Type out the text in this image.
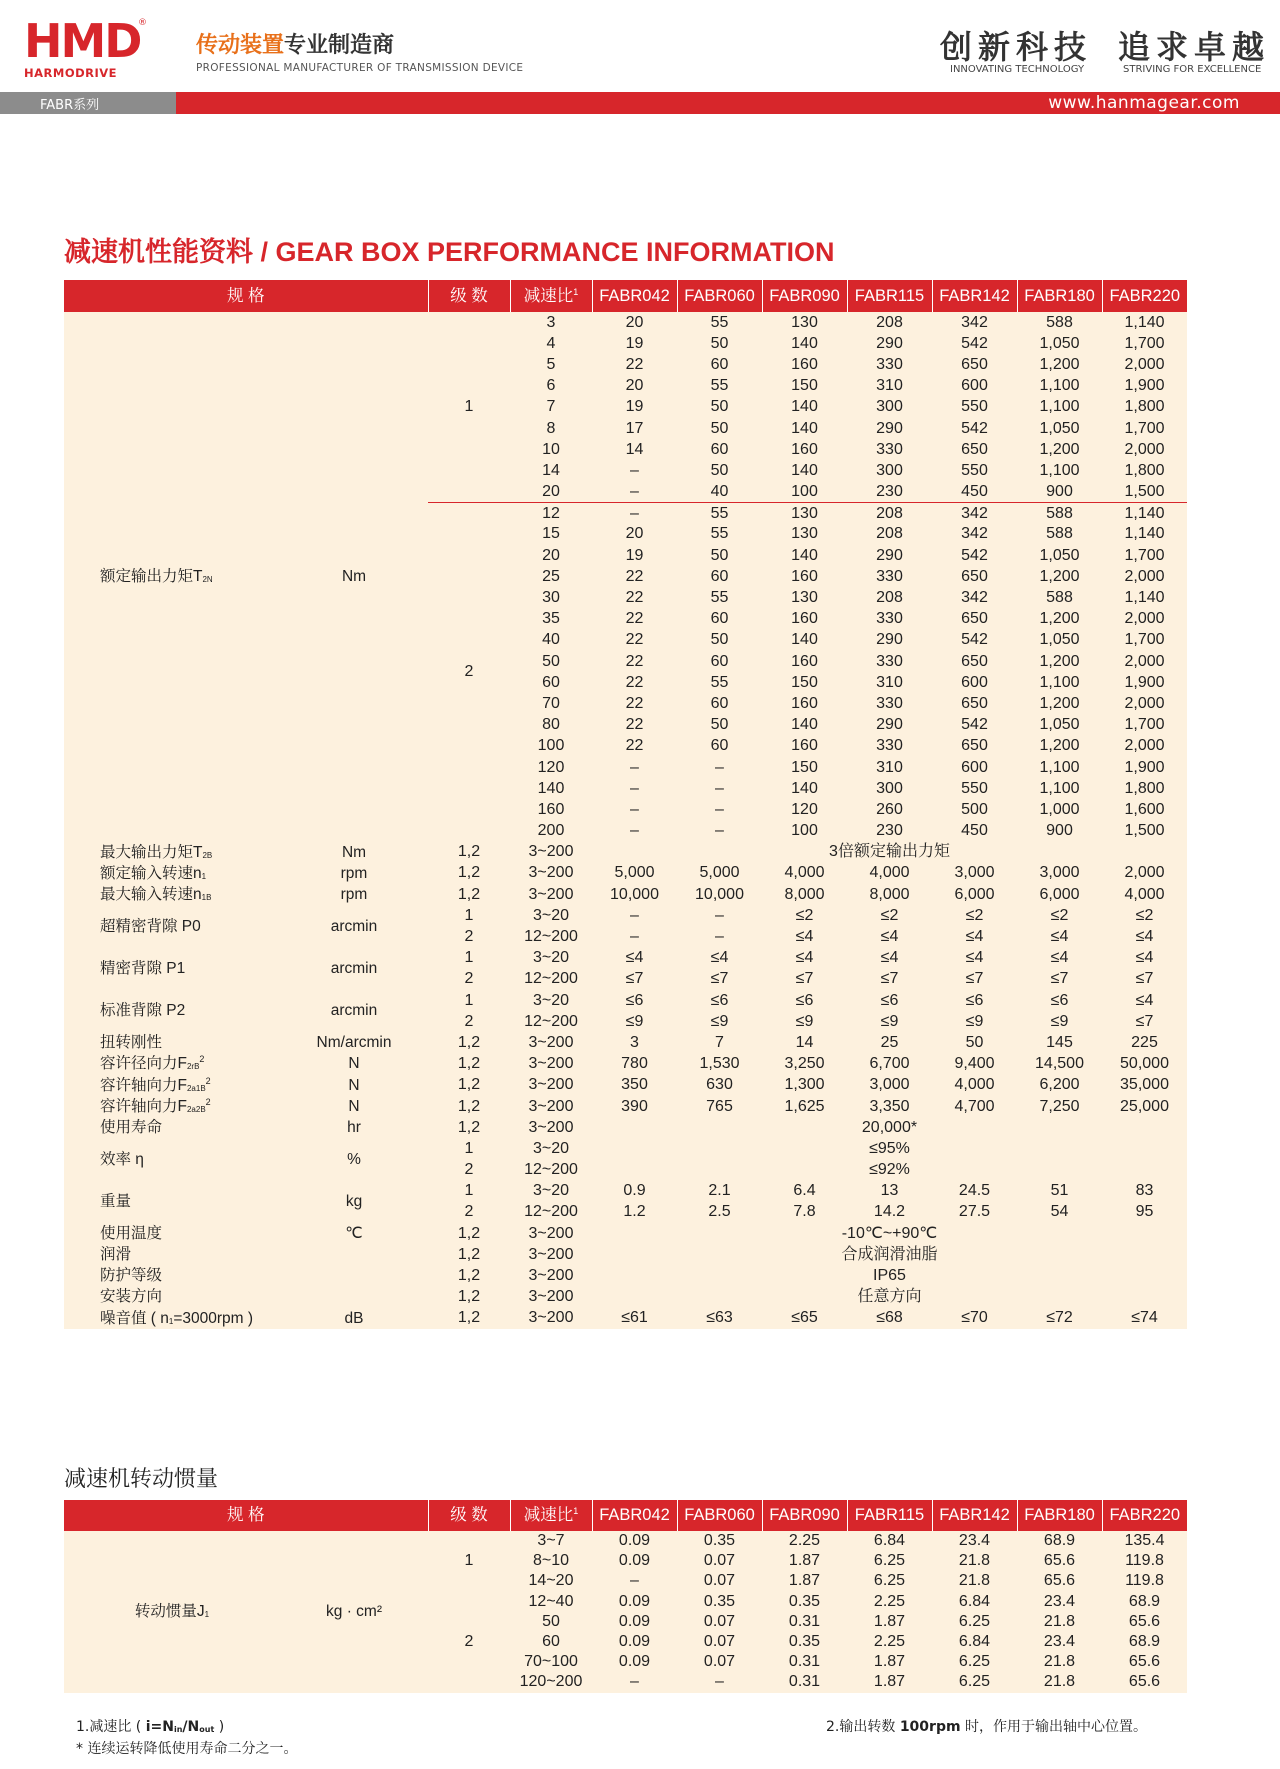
HMD
HARMODRIVE
®
传动装置专业制造商
PROFESSIONAL MANUFACTURER OF TRANSMISSION DEVICE
创新科技
INNOVATING TECHNOLOGY
追求卓越
STRIVING FOR EXCELLENCE
FABR系列	www.hanmagear.com
减速机性能资料 / GEAR BOX PERFORMANCE INFORMATION
规 格		级 数	减速比$^1$	FABR042	FABR060	FABR090	FABR115	FABR142	FABR180	FABR220
额定输出力矩T2N	Nm	1	3	20	55	130	208	342	588	1,140
			4	19	50	140	290	542	1,050	1,700
			5	22	60	160	330	650	1,200	2,000
			6	20	55	150	310	600	1,100	1,900
			7	19	50	140	300	550	1,100	1,800
			8	17	50	140	290	542	1,050	1,700
			10	14	60	160	330	650	1,200	2,000
			14	–	50	140	300	550	1,100	1,800
			20	–	40	100	230	450	900	1,500
		2	12	–	55	130	208	342	588	1,140
			15	20	55	130	208	342	588	1,140
			20	19	50	140	290	542	1,050	1,700
			25	22	60	160	330	650	1,200	2,000
			30	22	55	130	208	342	588	1,140
			35	22	60	160	330	650	1,200	2,000
			40	22	50	140	290	542	1,050	1,700
			50	22	60	160	330	650	1,200	2,000
			60	22	55	150	310	600	1,100	1,900
			70	22	60	160	330	650	1,200	2,000
			80	22	50	140	290	542	1,050	1,700
			100	22	60	160	330	650	1,200	2,000
			120	–	–	150	310	600	1,100	1,900
			140	–	–	140	300	550	1,100	1,800
			160	–	–	120	260	500	1,000	1,600
			200	–	–	100	230	450	900	1,500
最大输出力矩T2B	Nm	1,2	3~200	3倍额定输出力矩						
额定输入转速n1	rpm	1,2	3~200	5,000	5,000	4,000	4,000	3,000	3,000	2,000
最大输入转速n1B	rpm	1,2	3~200	10,000	10,000	8,000	8,000	6,000	6,000	4,000
超精密背隙 P0	arcmin	1	3~20	–	–	≤2	≤2	≤2	≤2	≤2
		2	12~200	–	–	≤4	≤4	≤4	≤4	≤4
精密背隙 P1	arcmin	1	3~20	≤4	≤4	≤4	≤4	≤4	≤4	≤4
		2	12~200	≤7	≤7	≤7	≤7	≤7	≤7	≤7
标准背隙 P2	arcmin	1	3~20	≤6	≤6	≤6	≤6	≤6	≤6	≤4
		2	12~200	≤9	≤9	≤9	≤9	≤9	≤9	≤7
扭转刚性	Nm/arcmin	1,2	3~200	3	7	14	25	50	145	225
容许径向力$F2rB^2$	N	1,2	3~200	780	1,530	3,250	6,700	9,400	14,500	50,000
容许轴向力$F2a1B^2$	N	1,2	3~200	350	630	1,300	3,000	4,000	6,200	35,000
容许轴向力$F2a2B^2$	N	1,2	3~200	390	765	1,625	3,350	4,700	7,250	25,000
使用寿命	hr	1,2	3~200	20,000*						
效率 η	%	1	3~20	≤95%						
		2	12~200	≤92%						
重量	kg	1	3~20	0.9	2.1	6.4	13	24.5	51	83
		2	12~200	1.2	2.5	7.8	14.2	27.5	54	95
使用温度	℃	1,2	3~200	-10℃~+90℃						
润滑		1,2	3~200	合成润滑油脂						
防护等级		1,2	3~200	IP65						
安装方向		1,2	3~200	任意方向						
噪音值 ( n1=3000rpm )	dB	1,2	3~200	≤61	≤63	≤65	≤68	≤70	≤72	≤74
减速机转动惯量
规 格		级 数	减速比$^1$	FABR042	FABR060	FABR090	FABR115	FABR142	FABR180	FABR220
转动惯量J1	kg · cm²	1	3~7	0.09	0.35	2.25	6.84	23.4	68.9	135.4
			8~10	0.09	0.07	1.87	6.25	21.8	65.6	119.8
			14~20	–	0.07	1.87	6.25	21.8	65.6	119.8
		2	12~40	0.09	0.35	0.35	2.25	6.84	23.4	68.9
			50	0.09	0.07	0.31	1.87	6.25	21.8	65.6
			60	0.09	0.07	0.35	2.25	6.84	23.4	68.9
			70~100	0.09	0.07	0.31	1.87	6.25	21.8	65.6
			120~200	–	–	0.31	1.87	6.25	21.8	65.6
1.减速比 ( i=Nin/Nout )
* 连续运转降低使用寿命二分之一。
2.输出转数 100rpm 时，作用于输出轴中心位置。
